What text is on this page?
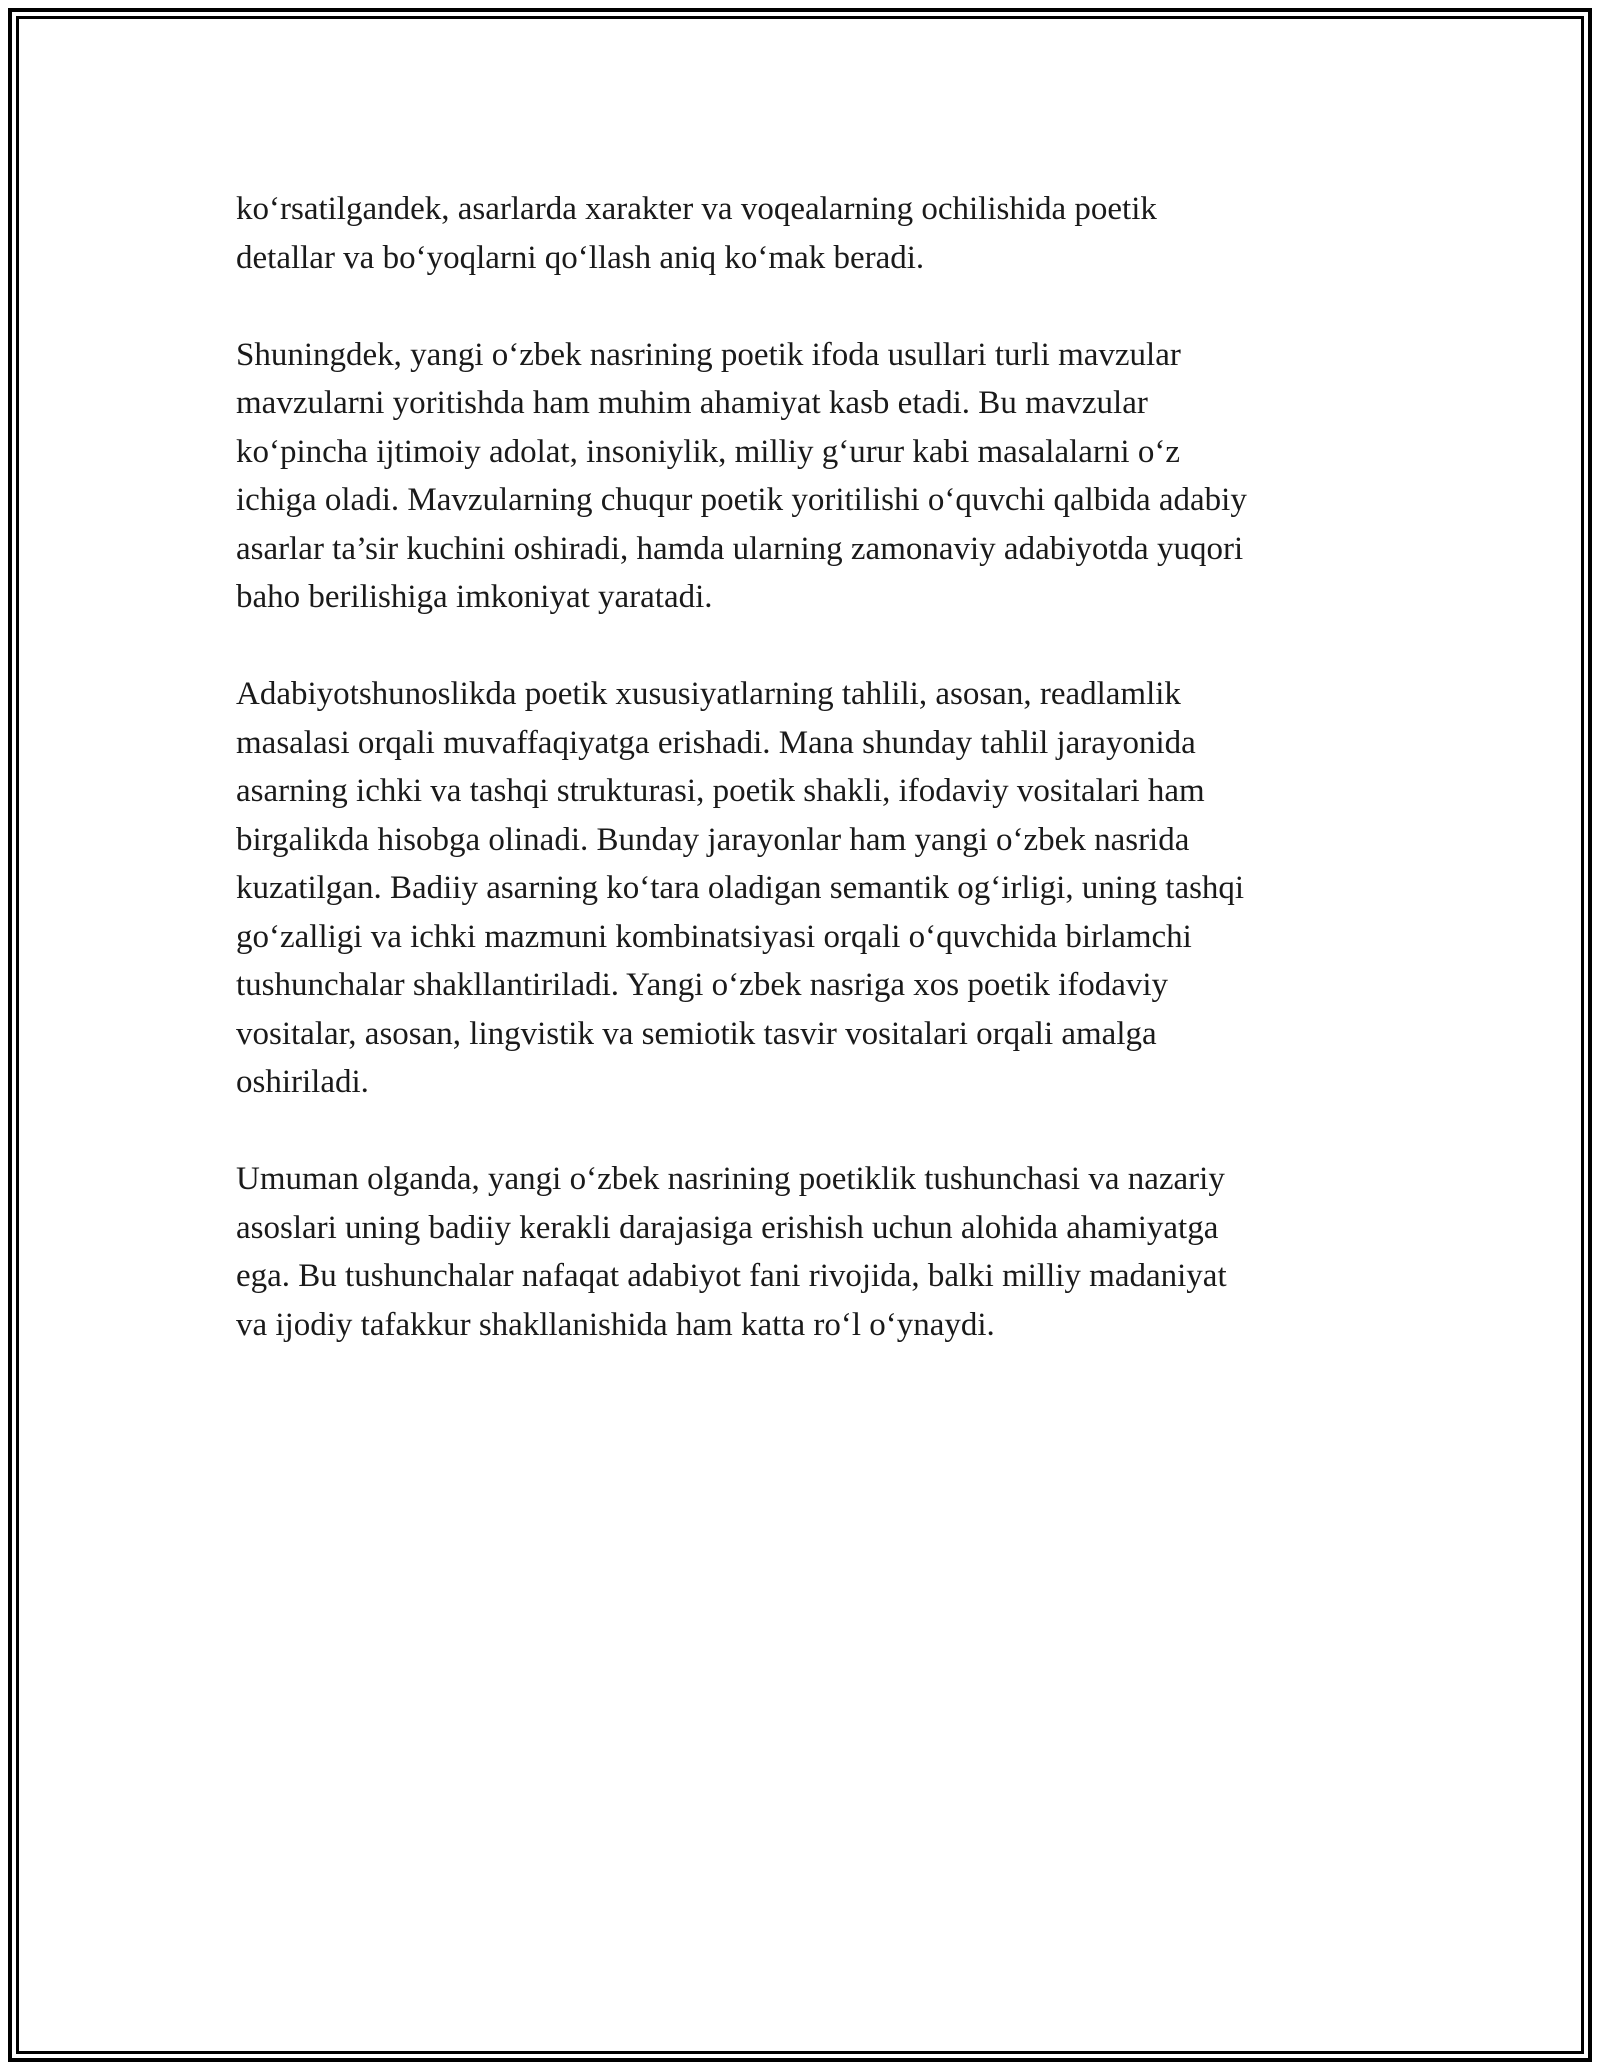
ko‘rsatilgandek, asarlarda xarakter va voqealarning ochilishida poetik
detallar va bo‘yoqlarni qo‘llash aniq ko‘mak beradi.

Shuningdek, yangi o‘zbek nasrining poetik ifoda usullari turli mavzular
mavzularni yoritishda ham muhim ahamiyat kasb etadi. Bu mavzular
ko‘pincha ijtimoiy adolat, insoniylik, milliy g‘urur kabi masalalarni o‘z
ichiga oladi. Mavzularning chuqur poetik yoritilishi o‘quvchi qalbida adabiy
asarlar ta’sir kuchini oshiradi, hamda ularning zamonaviy adabiyotda yuqori
baho berilishiga imkoniyat yaratadi.

Adabiyotshunoslikda poetik xususiyatlarning tahlili, asosan, readlamlik
masalasi orqali muvaffaqiyatga erishadi. Mana shunday tahlil jarayonida
asarning ichki va tashqi strukturasi, poetik shakli, ifodaviy vositalari ham
birgalikda hisobga olinadi. Bunday jarayonlar ham yangi o‘zbek nasrida
kuzatilgan. Badiiy asarning ko‘tara oladigan semantik og‘irligi, uning tashqi
go‘zalligi va ichki mazmuni kombinatsiyasi orqali o‘quvchida birlamchi
tushunchalar shakllantiriladi. Yangi o‘zbek nasriga xos poetik ifodaviy
vositalar, asosan, lingvistik va semiotik tasvir vositalari orqali amalga
oshiriladi.

Umuman olganda, yangi o‘zbek nasrining poetiklik tushunchasi va nazariy
asoslari uning badiiy kerakli darajasiga erishish uchun alohida ahamiyatga
ega. Bu tushunchalar nafaqat adabiyot fani rivojida, balki milliy madaniyat
va ijodiy tafakkur shakllanishida ham katta ro‘l o‘ynaydi.
